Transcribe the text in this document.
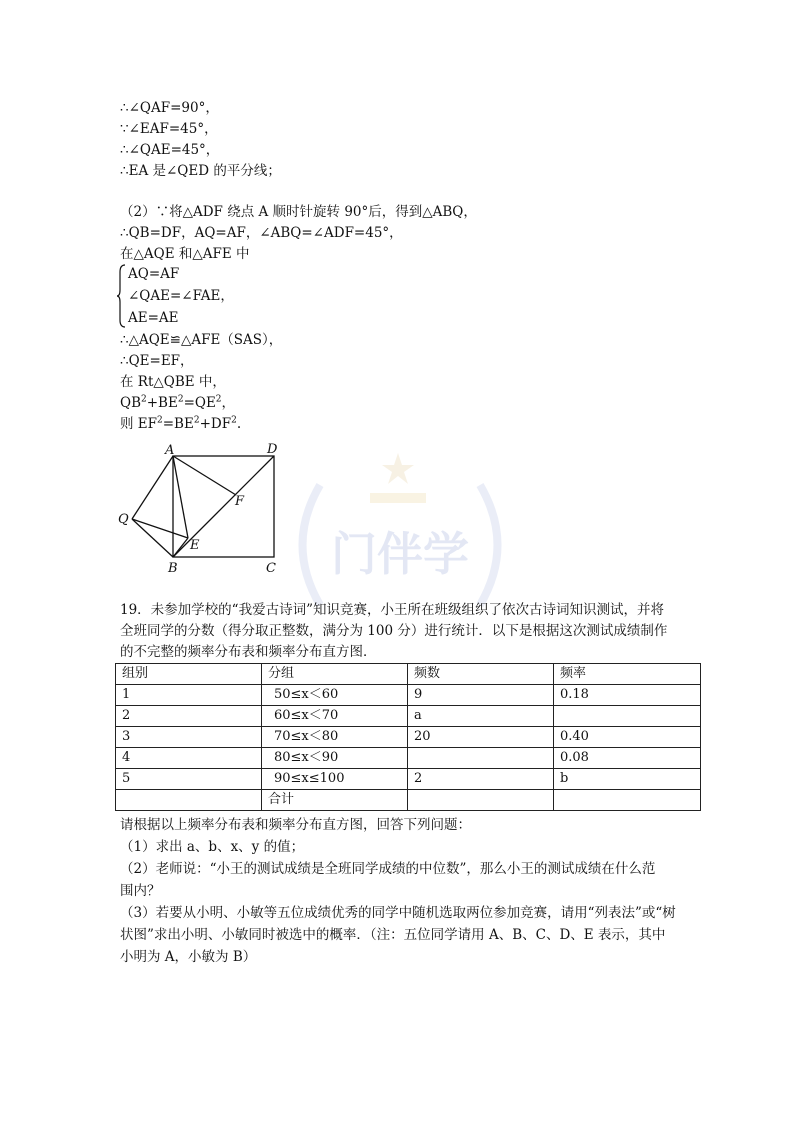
门伴学
∴∠QAF=90°，
∵∠EAF=45°，
∴∠QAE=45°，
∴EA 是∠QED 的平分线；
（2）∵将△ADF 绕点 A 顺时针旋转 90°后，得到△ABQ，
∴QB=DF，AQ=AF，∠ABQ=∠ADF=45°，
在△AQE 和△AFE 中
AQ=AF
∠QAE=∠FAE，
AE=AE
∴△AQE≌△AFE（SAS），
∴QE=EF，
在 Rt△QBE 中，
$QB^2+BE^2=QE^2$，
则 $EF^2=BE^2+DF^2$.
A	D
F
Q
E
B	C
19．未参加学校的“我爱古诗词”知识竞赛，小王所在班级组织了依次古诗词知识测试，并将
全班同学的分数（得分取正整数，满分为 100 分）进行统计．以下是根据这次测试成绩制作
的不完整的频率分布表和频率分布直方图．
组别	分组	频数	频率
1	50≤x＜60	9	0.18
2	60≤x＜70	a	
3	70≤x＜80	20	0.40
4	80≤x＜90		0.08
5	90≤x≤100	2	b
	合计		
请根据以上频率分布表和频率分布直方图，回答下列问题：
（1）求出 a、b、x、y 的值；
（2）老师说：“小王的测试成绩是全班同学成绩的中位数”，那么小王的测试成绩在什么范
围内？
（3）若要从小明、小敏等五位成绩优秀的同学中随机选取两位参加竞赛，请用“列表法”或“树
状图”求出小明、小敏同时被选中的概率．（注：五位同学请用 A、B、C、D、E 表示，其中
小明为 A，小敏为 B）
